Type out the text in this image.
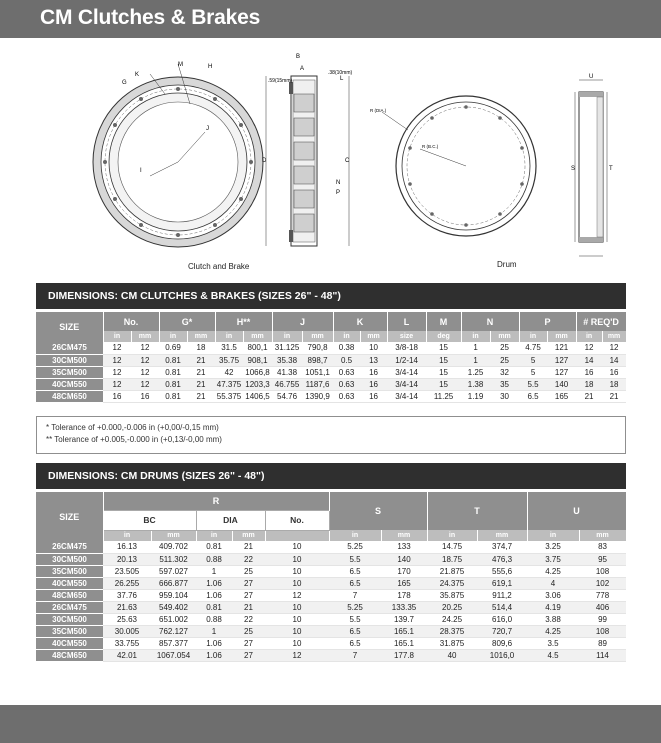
CM Clutches & Brakes
M	H
K
G
J
I
.59(15mm)
.38(10mm)
A
B
L
D	C
N
P
R (DIA.)
R (B.C.)
U
S	T
Clutch and Brake	Drum
DIMENSIONS: CM CLUTCHES & BRAKES (SIZES 26" - 48")
SIZE	No.		G*		H**		J		K		L	M	N		P		# REQ'D	
	in	mm	in	mm	in	mm	in	mm	in	mm	size	deg	in	mm	in	mm	in	mm
26CM475	12	12	0.69	18	31.5	800,1	31.125	790,8	0.38	10	3/8-18	15	1	25	4.75	121	12	12
30CM500	12	12	0.81	21	35.75	908,1	35.38	898,7	0.5	13	1/2-14	15	1	25	5	127	14	14
35CM500	12	12	0.81	21	42	1066,8	41.38	1051,1	0.63	16	3/4-14	15	1.25	32	5	127	16	16
40CM550	12	12	0.81	21	47.375	1203,3	46.755	1187,6	0.63	16	3/4-14	15	1.38	35	5.5	140	18	18
48CM650	16	16	0.81	21	55.375	1406,5	54.76	1390,9	0.63	16	3/4-14	11.25	1.19	30	6.5	165	21	21
* Tolerance of +0.000,-0.006 in (+0,00/-0,15 mm)
** Tolerance of +0.005,-0.000 in (+0,13/-0,00 mm)
DIMENSIONS: CM DRUMS (SIZES 26" - 48")
SIZE	R					S		T		U	
	BC		DIA		No.						
	in	mm	in	mm		in	mm	in	mm	in	mm
26CM475	16.13	409.702	0.81	21	10	5.25	133	14.75	374,7	3.25	83
30CM500	20.13	511.302	0.88	22	10	5.5	140	18.75	476,3	3.75	95
35CM500	23.505	597.027	1	25	10	6.5	170	21.875	555,6	4.25	108
40CM550	26.255	666.877	1.06	27	10	6.5	165	24.375	619,1	4	102
48CM650	37.76	959.104	1.06	27	12	7	178	35.875	911,2	3.06	778
26CM475	21.63	549.402	0.81	21	10	5.25	133.35	20.25	514,4	4.19	406
30CM500	25.63	651.002	0.88	22	10	5.5	139.7	24.25	616,0	3.88	99
35CM500	30.005	762.127	1	25	10	6.5	165.1	28.375	720,7	4.25	108
40CM550	33.755	857.377	1.06	27	10	6.5	165.1	31.875	809,6	3.5	89
48CM650	42.01	1067.054	1.06	27	12	7	177.8	40	1016,0	4.5	114
